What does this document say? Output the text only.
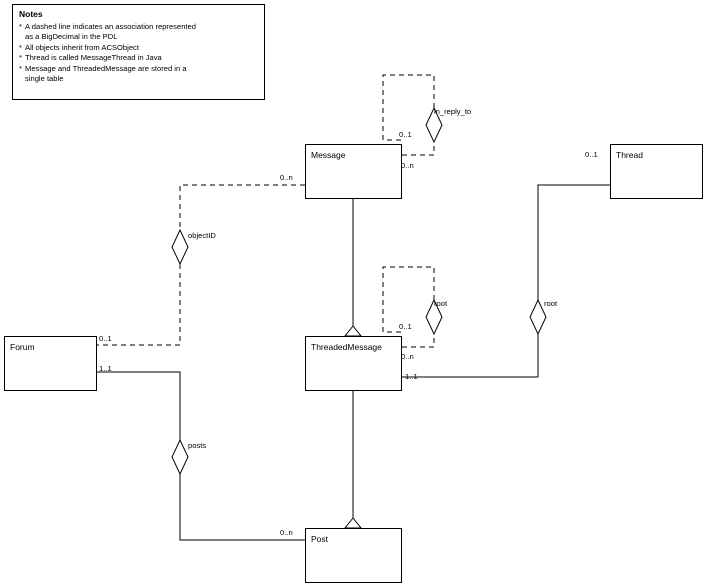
Notes
* A dashed line indicates an association represented
as a BigDecimal in the PDL
* All objects inherit from ACSObject
* Thread is called MessageThread in Java
* Message and ThreadedMessage are stored in a
single table
Message	Thread
Forum	ThreadedMessage
Post
in_reply_to
objectID
root	root
posts
0..1
0..n
0..n
0..1
0..1
0..n
0..1
1..1
1..1
0..n
